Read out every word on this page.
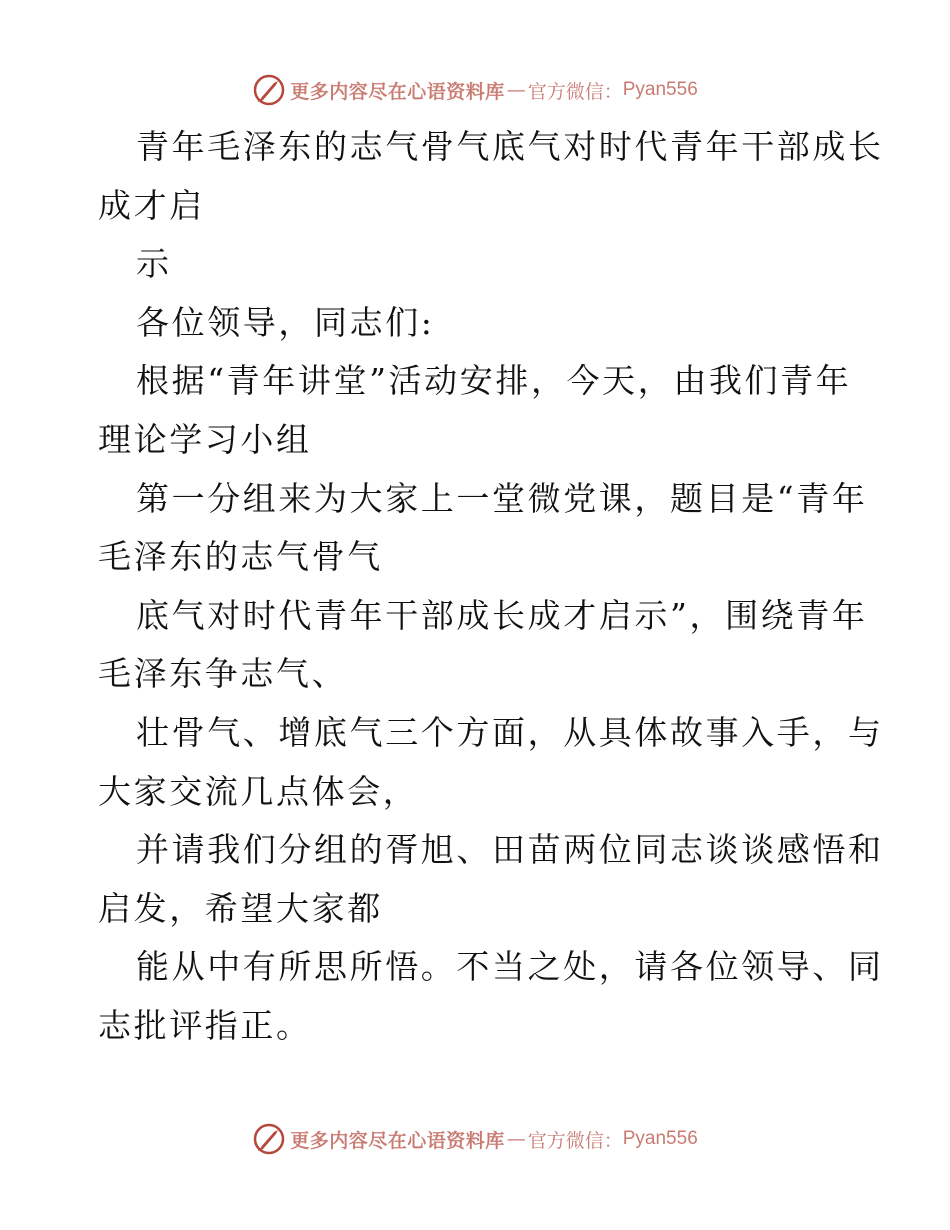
更多内容尽在心语资料库 — 官方微信： Pyan556

青年毛泽东的志气骨气底气对时代青年干部成长
成才启

示

各位领导，同志们:

根据“青年讲堂”活动安排，今天，由我们青年
理论学习小组

第一分组来为大家上一堂微党课，题目是“青年
毛泽东的志气骨气

底气对时代青年干部成长成才启示”，围绕青年
毛泽东争志气、

壮骨气、增底气三个方面，从具体故事入手，与
大家交流几点体会，

并请我们分组的胥旭、田苗两位同志谈谈感悟和
启发，希望大家都

能从中有所思所悟。不当之处，请各位领导、同
志批评指正。

更多内容尽在心语资料库 — 官方微信： Pyan556
